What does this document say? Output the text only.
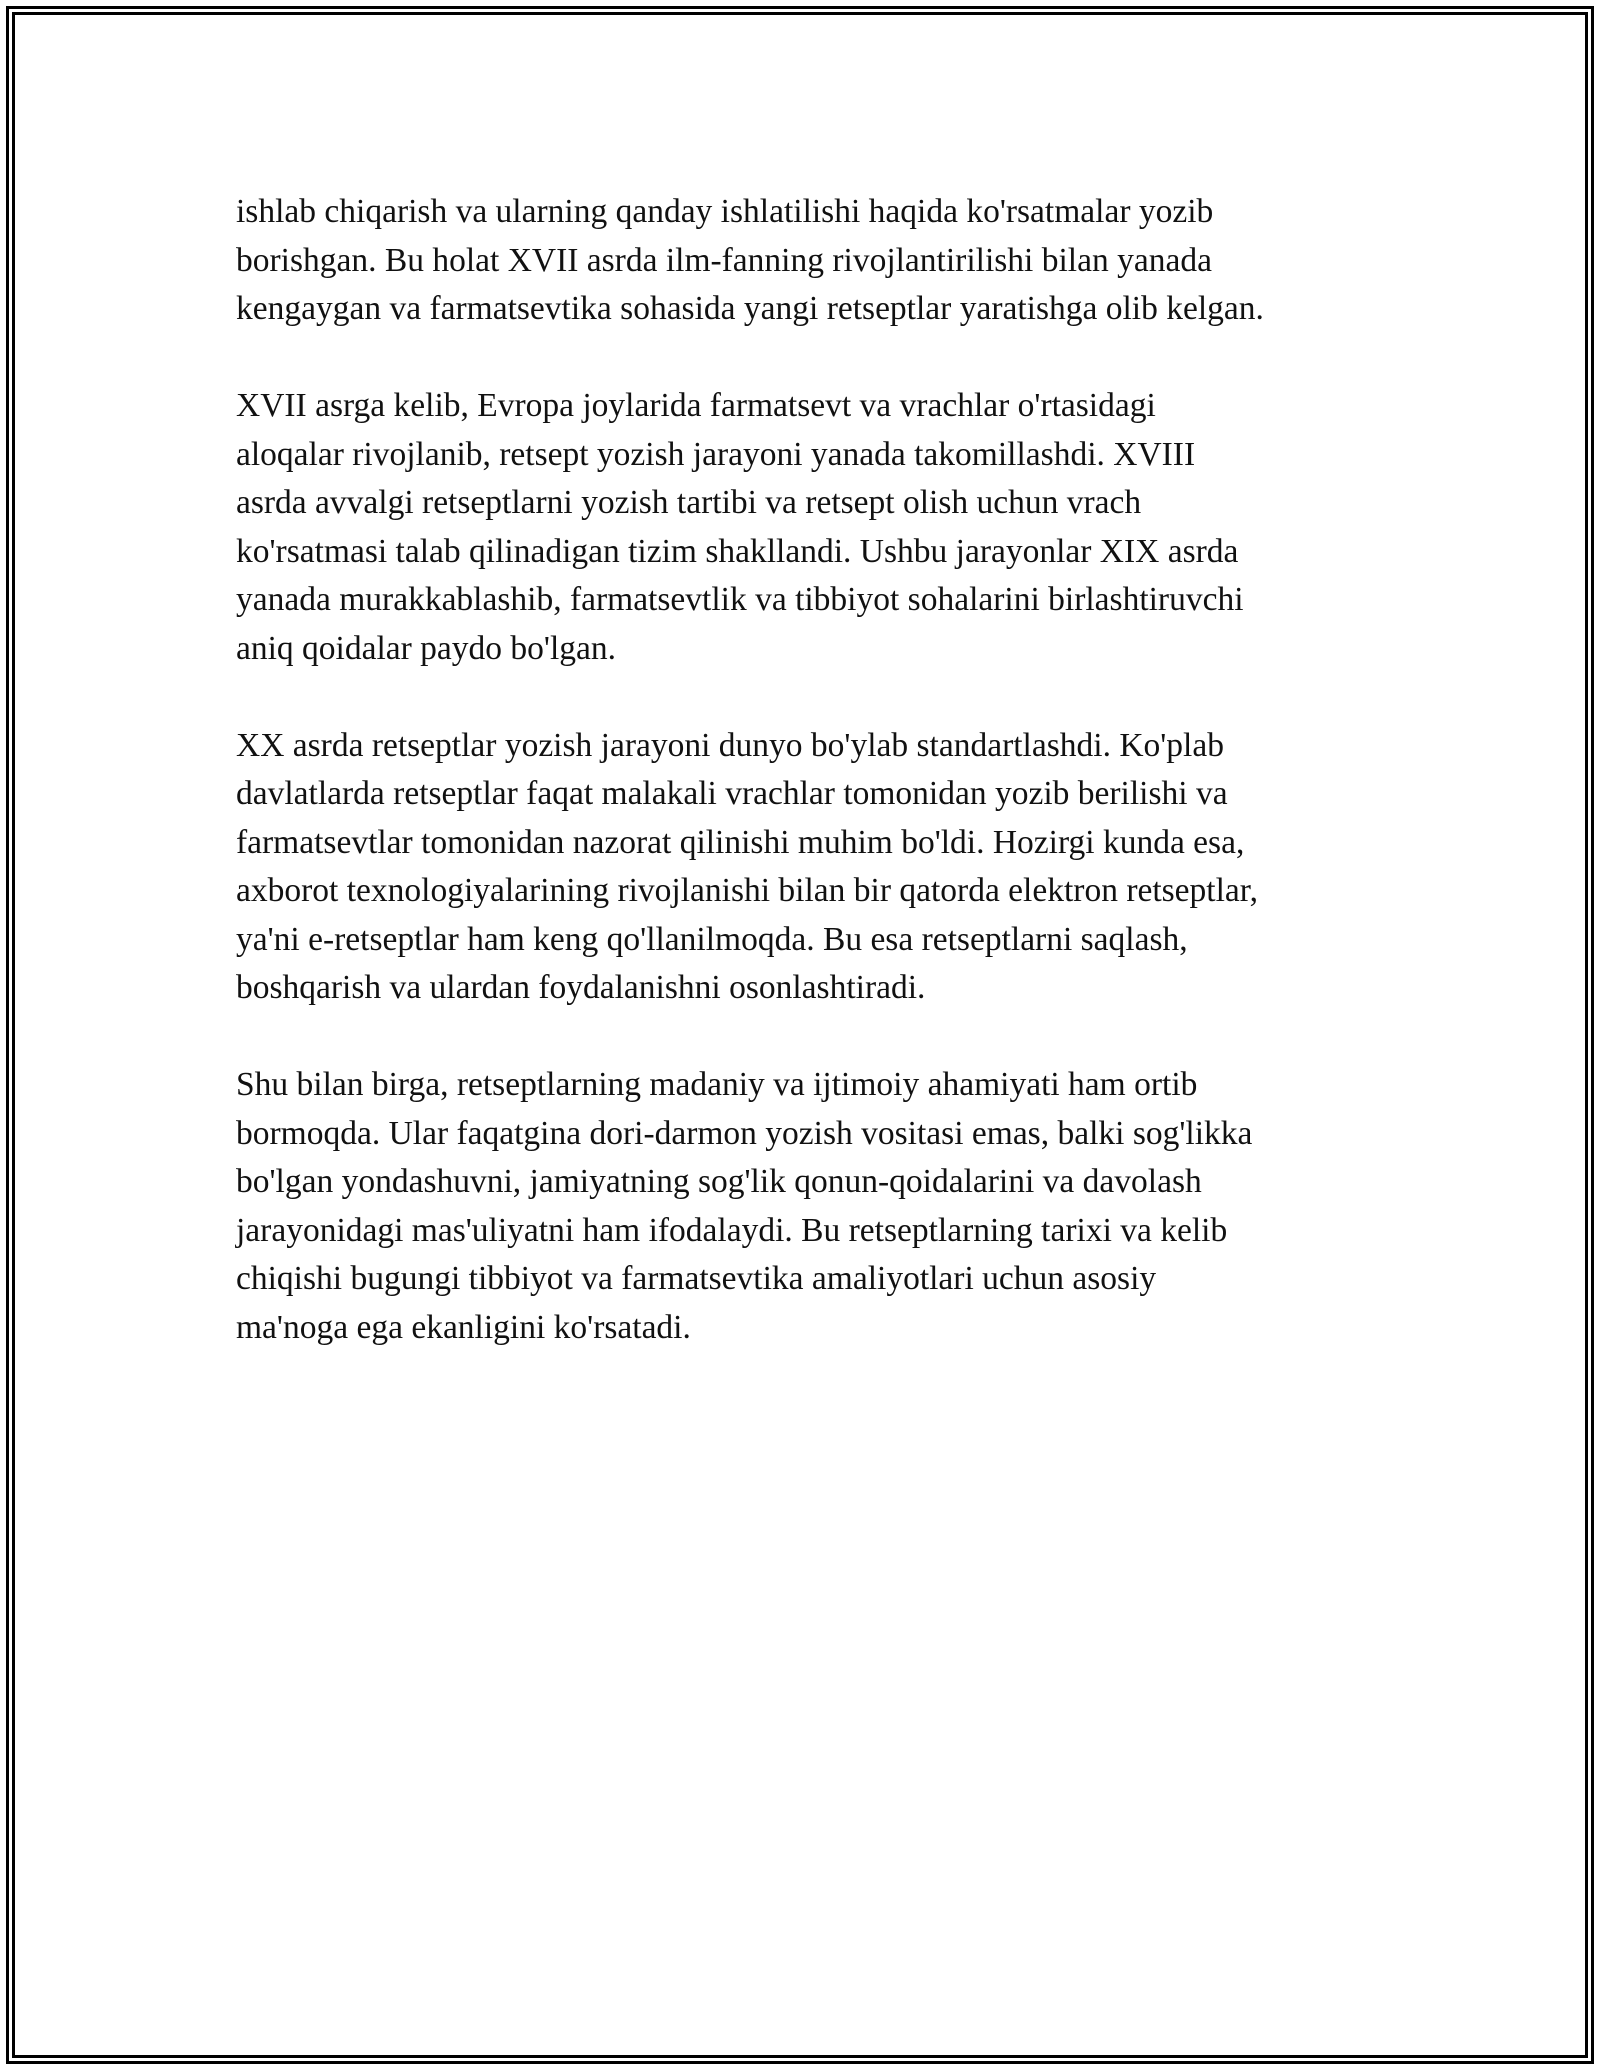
ishlab chiqarish va ularning qanday ishlatilishi haqida ko'rsatmalar yozib
borishgan. Bu holat XVII asrda ilm-fanning rivojlantirilishi bilan yanada
kengaygan va farmatsevtika sohasida yangi retseptlar yaratishga olib kelgan.

XVII asrga kelib, Evropa joylarida farmatsevt va vrachlar o'rtasidagi
aloqalar rivojlanib, retsept yozish jarayoni yanada takomillashdi. XVIII
asrda avvalgi retseptlarni yozish tartibi va retsept olish uchun vrach
ko'rsatmasi talab qilinadigan tizim shakllandi. Ushbu jarayonlar XIX asrda
yanada murakkablashib, farmatsevtlik va tibbiyot sohalarini birlashtiruvchi
aniq qoidalar paydo bo'lgan.

XX asrda retseptlar yozish jarayoni dunyo bo'ylab standartlashdi. Ko'plab
davlatlarda retseptlar faqat malakali vrachlar tomonidan yozib berilishi va
farmatsevtlar tomonidan nazorat qilinishi muhim bo'ldi. Hozirgi kunda esa,
axborot texnologiyalarining rivojlanishi bilan bir qatorda elektron retseptlar,
ya'ni e-retseptlar ham keng qo'llanilmoqda. Bu esa retseptlarni saqlash,
boshqarish va ulardan foydalanishni osonlashtiradi.

Shu bilan birga, retseptlarning madaniy va ijtimoiy ahamiyati ham ortib
bormoqda. Ular faqatgina dori-darmon yozish vositasi emas, balki sog'likka
bo'lgan yondashuvni, jamiyatning sog'lik qonun-qoidalarini va davolash
jarayonidagi mas'uliyatni ham ifodalaydi. Bu retseptlarning tarixi va kelib
chiqishi bugungi tibbiyot va farmatsevtika amaliyotlari uchun asosiy
ma'noga ega ekanligini ko'rsatadi.
